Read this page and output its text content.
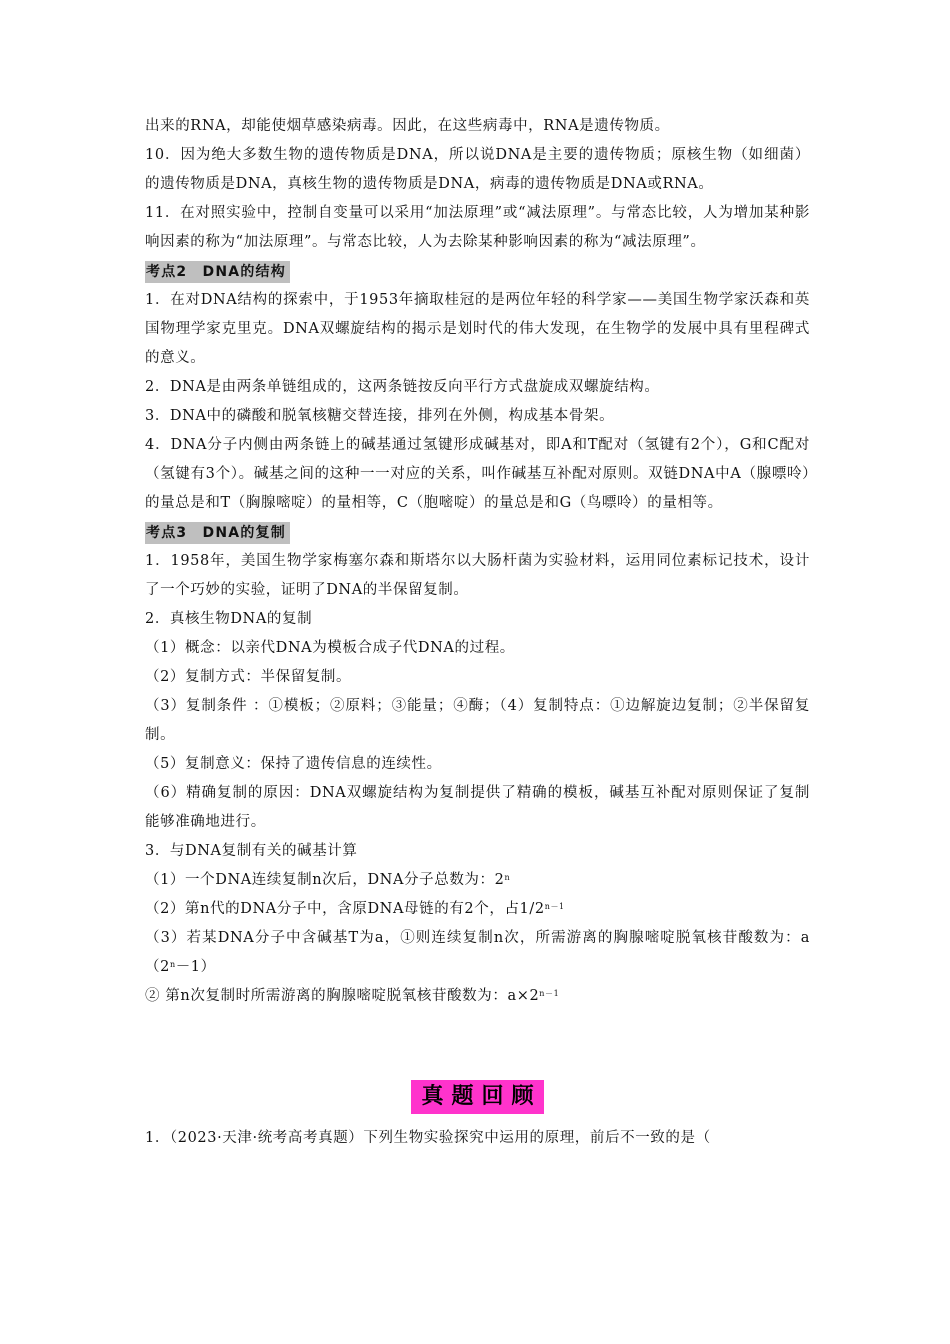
出来的RNA，却能使烟草感染病毒。因此，在这些病毒中，RNA是遗传物质。

10．因为绝大多数生物的遗传物质是DNA，所以说DNA是主要的遗传物质；原核生物（如细菌）的遗传物质是DNA，真核生物的遗传物质是DNA，病毒的遗传物质是DNA或RNA。

11．在对照实验中，控制自变量可以采用“加法原理”或“减法原理”。与常态比较，人为增加某种影响因素的称为“加法原理”。与常态比较，人为去除某种影响因素的称为“减法原理”。

考点2　DNA的结构

1．在对DNA结构的探索中，于1953年摘取桂冠的是两位年轻的科学家——美国生物学家沃森和英国物理学家克里克。DNA双螺旋结构的揭示是划时代的伟大发现，在生物学的发展中具有里程碑式的意义。

2．DNA是由两条单链组成的，这两条链按反向平行方式盘旋成双螺旋结构。

3．DNA中的磷酸和脱氧核糖交替连接，排列在外侧，构成基本骨架。

4．DNA分子内侧由两条链上的碱基通过氢键形成碱基对，即A和T配对（氢键有2个），G和C配对（氢键有3个）。碱基之间的这种一一对应的关系，叫作碱基互补配对原则。双链DNA中A（腺嘌呤）的量总是和T（胸腺嘧啶）的量相等，C（胞嘧啶）的量总是和G（鸟嘌呤）的量相等。

考点3　DNA的复制

1．1958年，美国生物学家梅塞尔森和斯塔尔以大肠杆菌为实验材料，运用同位素标记技术，设计了一个巧妙的实验，证明了DNA的半保留复制。

2．真核生物DNA的复制

（1）概念：以亲代DNA为模板合成子代DNA的过程。

（2）复制方式：半保留复制。

（3）复制条件 ：①模板；②原料；③能量；④酶；（4）复制特点：①边解旋边复制；②半保留复制。

（5）复制意义：保持了遗传信息的连续性。

（6）精确复制的原因：DNA双螺旋结构为复制提供了精确的模板，碱基互补配对原则保证了复制能够准确地进行。

3．与DNA复制有关的碱基计算

（1）一个DNA连续复制n次后，DNA分子总数为：2$^n$

（2）第n代的DNA分子中，含原DNA母链的有2个，占$1/2^{n-1}$

（3）若某DNA分子中含碱基T为a，①则连续复制n次，所需游离的胸腺嘧啶脱氧核苷酸数为：$a(2^n-1)$

② 第n次复制时所需游离的胸腺嘧啶脱氧核苷酸数为：$a\times 2^{n-1}$

真题回顾

1．（2023·天津·统考高考真题）下列生物实验探究中运用的原理，前后不一致的是（
